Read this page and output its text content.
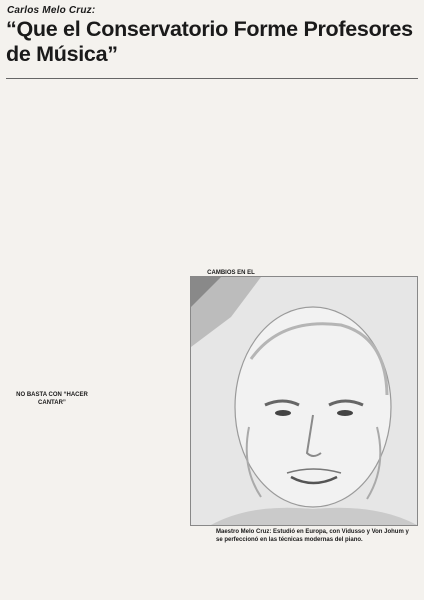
Carlos Melo Cruz:
“Que el Conservatorio Forme Profesores de Música”
NO BASTA CON “HACER CANTAR”
CAMBIOS EN EL
Maestro Melo Cruz: Estudió en Europa, con Vidusso y Von Johum y se perfeccionó en las técnicas modernas del piano.
